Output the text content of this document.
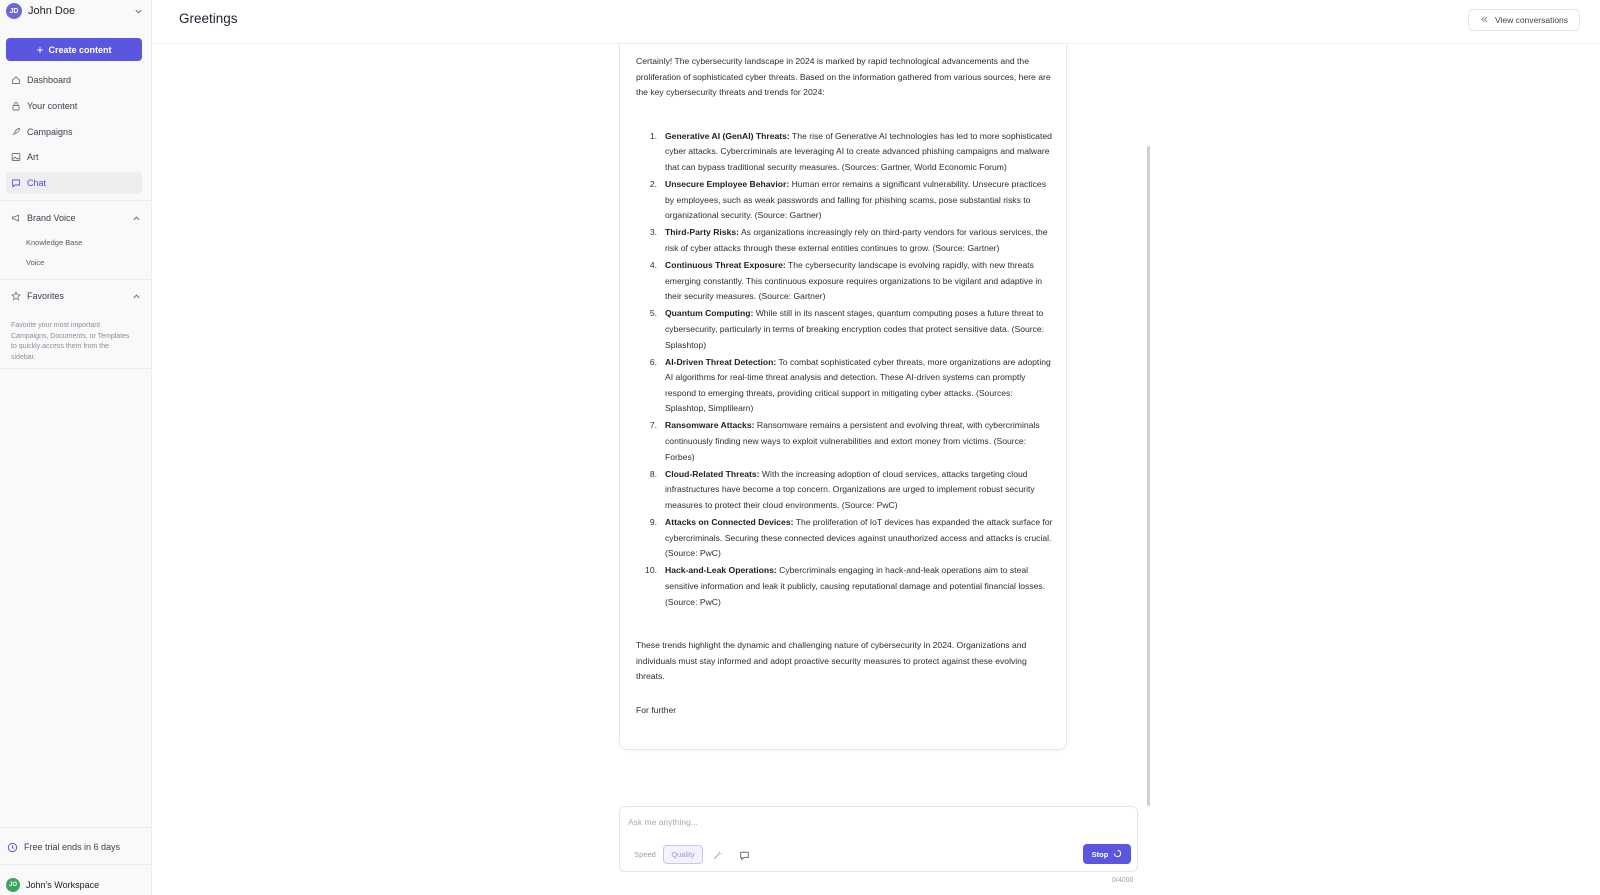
JD John Doe
+ Create content
Dashboard
Your content
Campaigns
Art
Chat
Brand Voice
Knowledge Base
Voice
Favorites
Favorite your most important Campaigns, Documents, or Templates to quickly access them from the sidebar.
Free trial ends in 6 days
JO	John's Workspace
Greetings	View conversations

Certainly! The cybersecurity landscape in 2024 is marked by rapid technological advancements and the proliferation of sophisticated cyber threats. Based on the information gathered from various sources, here are the key cybersecurity threats and trends for 2024:

1. Generative AI (GenAI) Threats: The rise of Generative AI technologies has led to more sophisticated cyber attacks. Cybercriminals are leveraging AI to create advanced phishing campaigns and malware that can bypass traditional security measures. (Sources: Gartner, World Economic Forum)
2. Unsecure Employee Behavior: Human error remains a significant vulnerability. Unsecure practices by employees, such as weak passwords and falling for phishing scams, pose substantial risks to organizational security. (Source: Gartner)
3. Third-Party Risks: As organizations increasingly rely on third-party vendors for various services, the risk of cyber attacks through these external entities continues to grow. (Source: Gartner)
4. Continuous Threat Exposure: The cybersecurity landscape is evolving rapidly, with new threats emerging constantly. This continuous exposure requires organizations to be vigilant and adaptive in their security measures. (Source: Gartner)
5. Quantum Computing: While still in its nascent stages, quantum computing poses a future threat to cybersecurity, particularly in terms of breaking encryption codes that protect sensitive data. (Source: Splashtop)
6. AI-Driven Threat Detection: To combat sophisticated cyber threats, more organizations are adopting AI algorithms for real-time threat analysis and detection. These AI-driven systems can promptly respond to emerging threats, providing critical support in mitigating cyber attacks. (Sources: Splashtop, Simplilearn)
7. Ransomware Attacks: Ransomware remains a persistent and evolving threat, with cybercriminals continuously finding new ways to exploit vulnerabilities and extort money from victims. (Source: Forbes)
8. Cloud-Related Threats: With the increasing adoption of cloud services, attacks targeting cloud infrastructures have become a top concern. Organizations are urged to implement robust security measures to protect their cloud environments. (Source: PwC)
9. Attacks on Connected Devices: The proliferation of IoT devices has expanded the attack surface for cybercriminals. Securing these connected devices against unauthorized access and attacks is crucial. (Source: PwC)
10. Hack-and-Leak Operations: Cybercriminals engaging in hack-and-leak operations aim to steal sensitive information and leak it publicly, causing reputational damage and potential financial losses. (Source: PwC)

These trends highlight the dynamic and challenging nature of cybersecurity in 2024. Organizations and individuals must stay informed and adopt proactive security measures to protect against these evolving threats.

For further

Ask me anything...
Speed	Quality	Stop
0/4000
